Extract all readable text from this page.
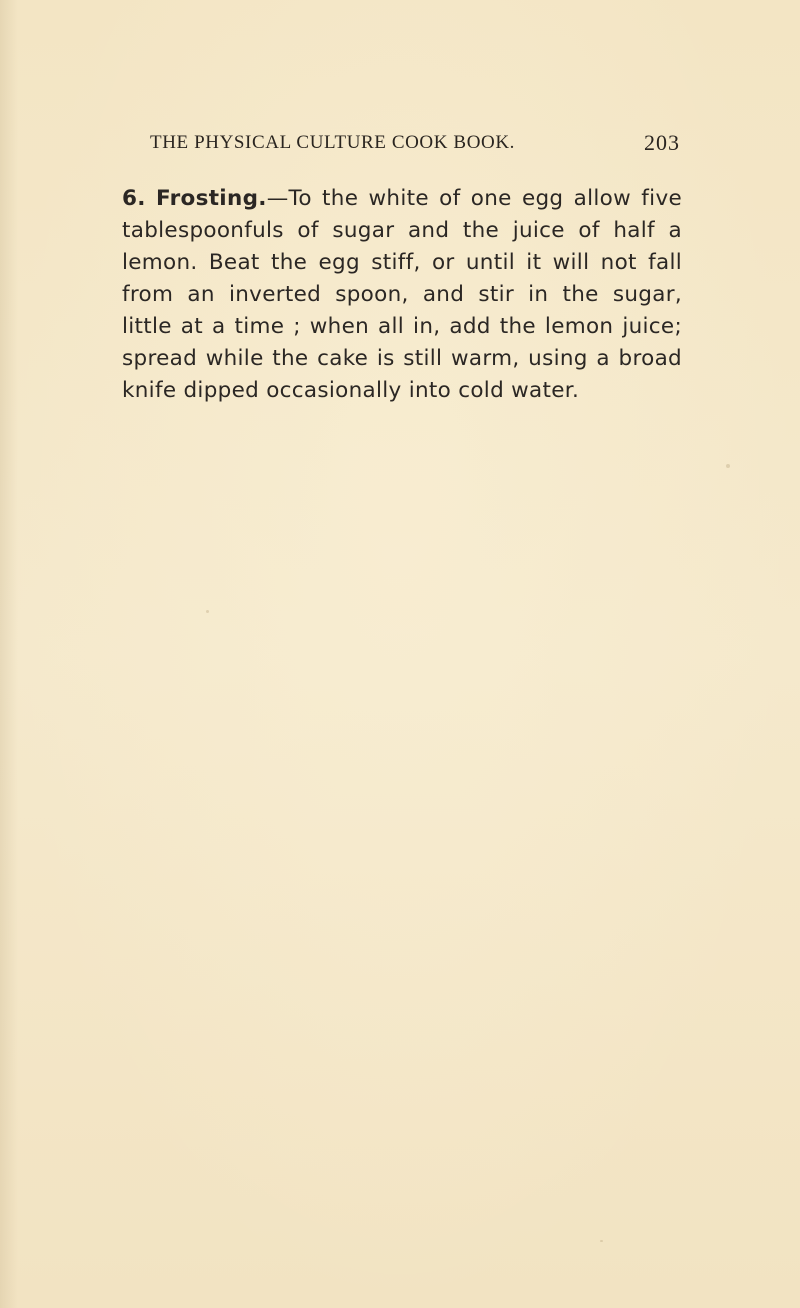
THE PHYSICAL CULTURE COOK BOOK.	203
6. Frosting.—To the white of one egg allow five tablespoonfuls of sugar and the juice of half a lemon. Beat the egg stiff, or until it will not fall from an inverted spoon, and stir in the sugar, little at a time ; when all in, add the lemon juice; spread while the cake is still warm, using a broad knife dipped occasionally into cold water.
